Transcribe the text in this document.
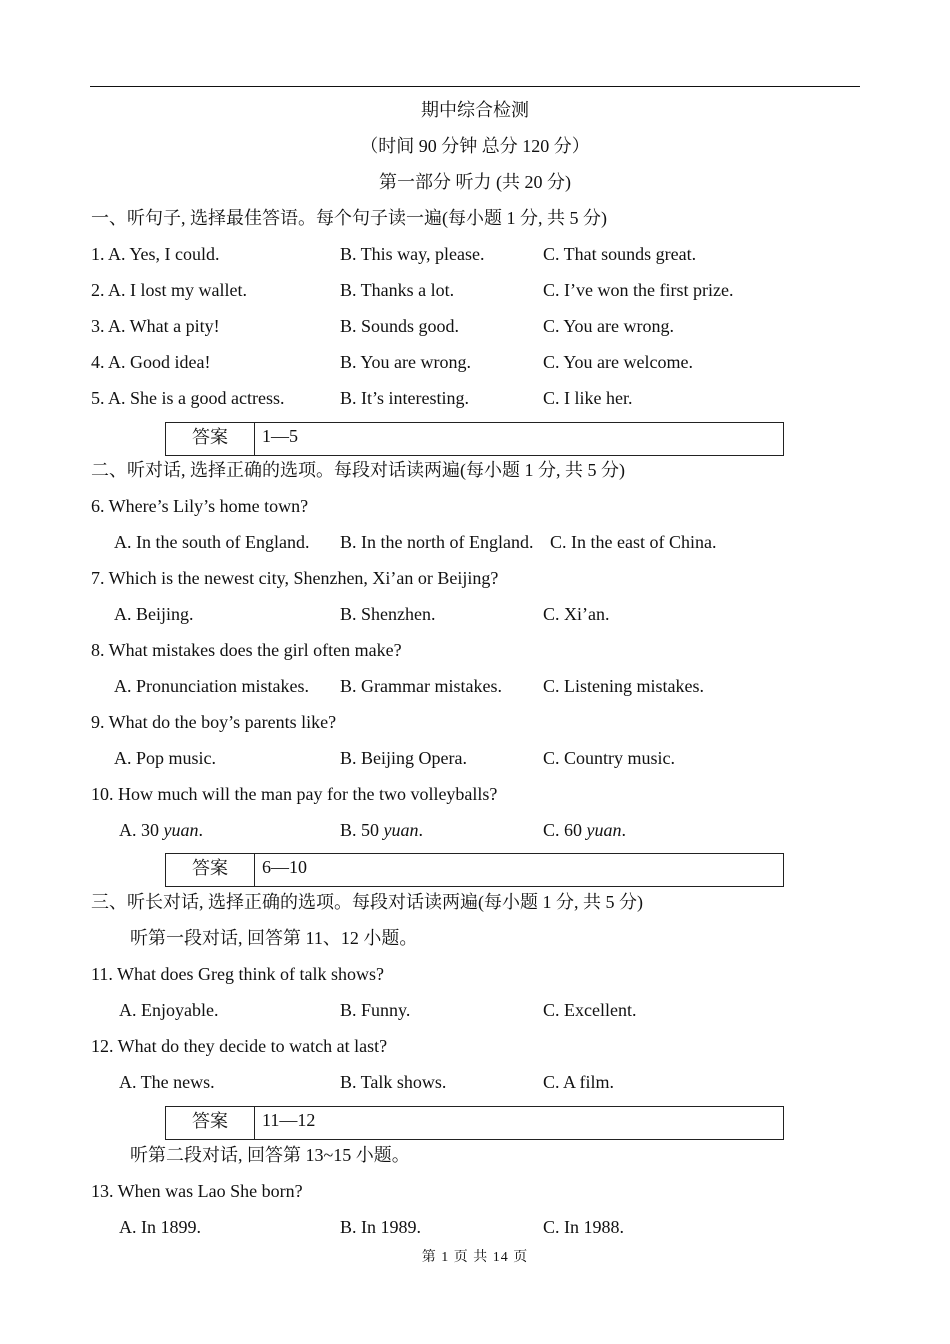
期中综合检测
（时间 90 分钟 总分 120 分）
第一部分 听力 (共 20 分)
一、听句子, 选择最佳答语。每个句子读一遍(每小题 1 分, 共 5 分)
1. A. Yes, I could.	B. This way, please.	C. That sounds great.
2. A. I lost my wallet.	B. Thanks a lot.	C. I’ve won the first prize.
3. A. What a pity!	B. Sounds good.	C. You are wrong.
4. A. Good idea!	B. You are wrong.	C. You are welcome.
5. A. She is a good actress.	B. It’s interesting.	C. I like her.
答案	1—5
二、听对话, 选择正确的选项。每段对话读两遍(每小题 1 分, 共 5 分)
6. Where’s Lily’s home town?
A. In the south of England. B. In the north of England. C. In the east of China.
7. Which is the newest city, Shenzhen, Xi’an or Beijing?
A. Beijing.	B. Shenzhen.	C. Xi’an.
8. What mistakes does the girl often make?
A. Pronunciation mistakes. B. Grammar mistakes. C. Listening mistakes.
9. What do the boy’s parents like?
A. Pop music.	B. Beijing Opera.	C. Country music.
10. How much will the man pay for the two volleyballs?
A. 30 yuan.	B. 50 yuan.	C. 60 yuan.
答案	6—10
三、听长对话, 选择正确的选项。每段对话读两遍(每小题 1 分, 共 5 分)
听第一段对话, 回答第 11、12 小题。
11. What does Greg think of talk shows?
A. Enjoyable.	B. Funny.	C. Excellent.
12. What do they decide to watch at last?
A. The news.	B. Talk shows.	C. A film.
答案	11—12
听第二段对话, 回答第 13~15 小题。
13. When was Lao She born?
A. In 1899.	B. In 1989.	C. In 1988.
第 1 页 共 14 页
